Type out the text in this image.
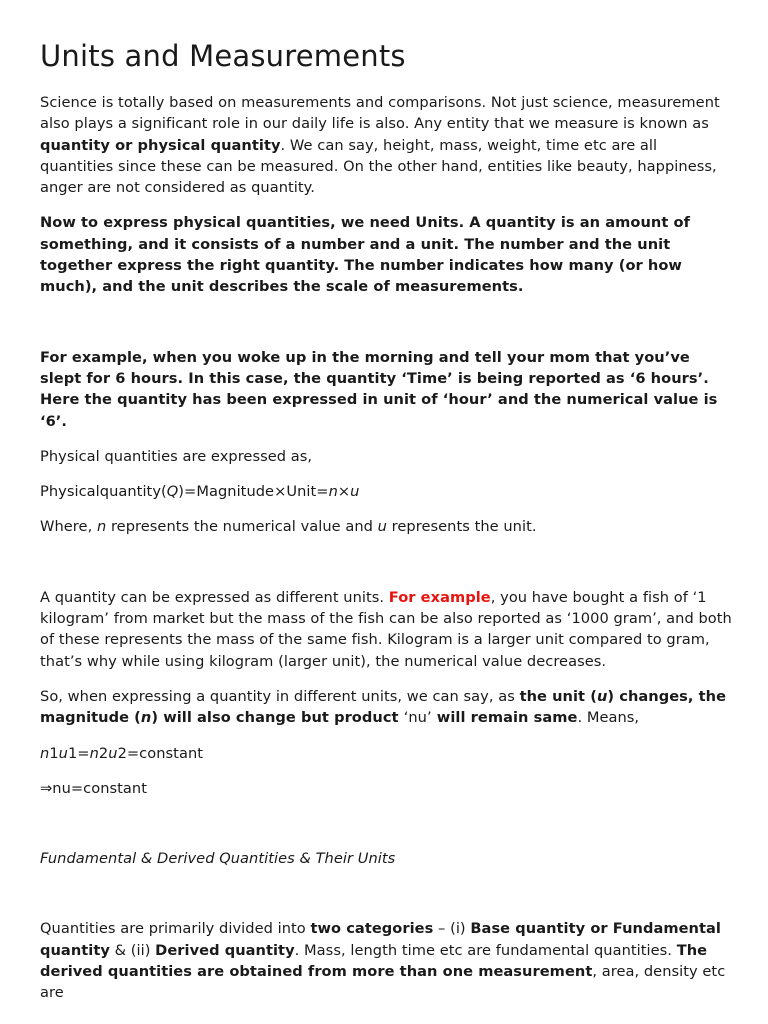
Units and Measurements

Science is totally based on measurements and comparisons. Not just science, measurement also plays a significant role in our daily life is also. Any entity that we measure is known as quantity or physical quantity. We can say, height, mass, weight, time etc are all quantities since these can be measured. On the other hand, entities like beauty, happiness, anger are not considered as quantity.

Now to express physical quantities, we need Units. A quantity is an amount of something, and it consists of a number and a unit. The number and the unit together express the right quantity. The number indicates how many (or how much), and the unit describes the scale of measurements.

For example, when you woke up in the morning and tell your mom that you’ve slept for 6 hours. In this case, the quantity ‘Time’ is being reported as ‘6 hours’. Here the quantity has been expressed in unit of ‘hour’ and the numerical value is ‘6’.

Physical quantities are expressed as,

Physicalquantity(Q)=Magnitude×Unit=n×u

Where, n represents the numerical value and u represents the unit.

A quantity can be expressed as different units. For example, you have bought a fish of ‘1 kilogram’ from market but the mass of the fish can be also reported as ‘1000 gram’, and both of these represents the mass of the same fish. Kilogram is a larger unit compared to gram, that’s why while using kilogram (larger unit), the numerical value decreases.

So, when expressing a quantity in different units, we can say, as the unit (u) changes, the magnitude (n) will also change but product ‘nu’ will remain same. Means,

n1u1=n2u2=constant

⇒nu=constant

Fundamental & Derived Quantities & Their Units

Quantities are primarily divided into two categories – (i) Base quantity or Fundamental quantity & (ii) Derived quantity. Mass, length time etc are fundamental quantities. The derived quantities are obtained from more than one measurement, area, density etc are
